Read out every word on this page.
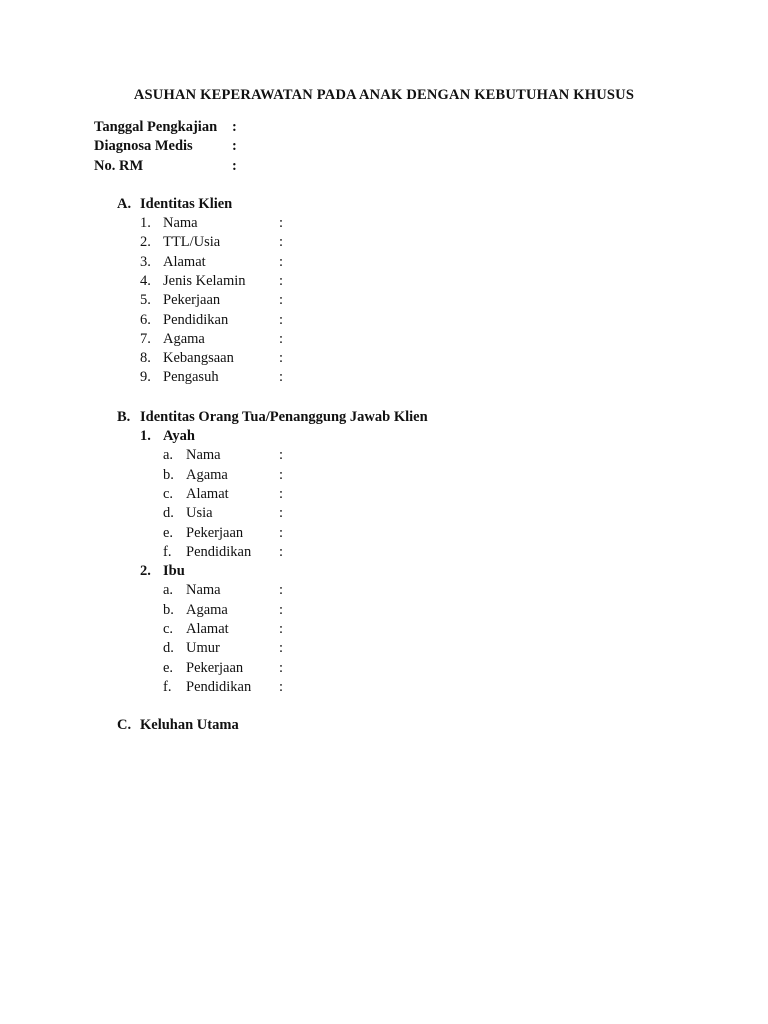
ASUHAN KEPERAWATAN PADA ANAK DENGAN KEBUTUHAN KHUSUS
Tanggal Pengkajian :
Diagnosa Medis	:
No. RM	:
A. Identitas Klien
1. Nama	:
2. TTL/Usia	:
3. Alamat	:
4. Jenis Kelamin :
5. Pekerjaan	:
6. Pendidikan	:
7. Agama	:
8. Kebangsaan	:
9. Pengasuh	:
B. Identitas Orang Tua/Penanggung Jawab Klien
1. Ayah
a. Nama	:
b. Agama	:
c. Alamat	:
d. Usia	:
e. Pekerjaan :
f. Pendidikan :
2. Ibu
a. Nama	:
b. Agama	:
c. Alamat	:
d. Umur	:
e. Pekerjaan :
f. Pendidikan :
C. Keluhan Utama
